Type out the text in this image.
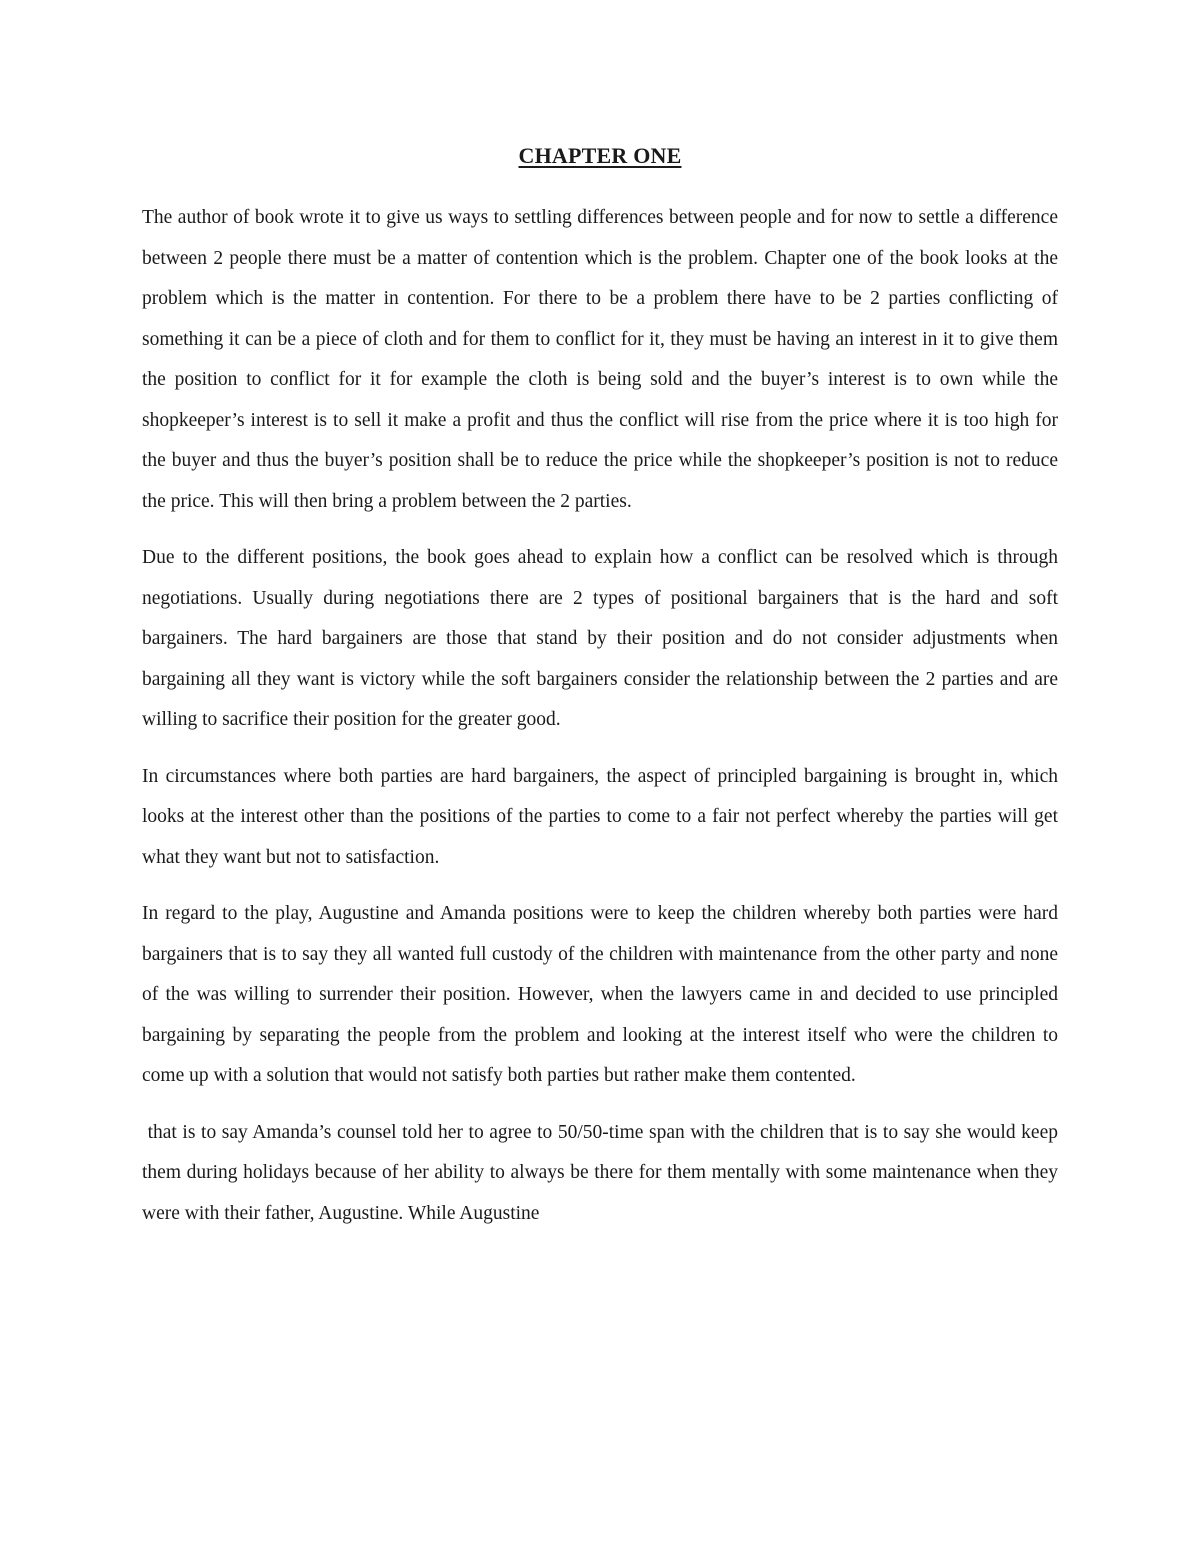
CHAPTER ONE

The author of book wrote it to give us ways to settling differences between people and for now to settle a difference between 2 people there must be a matter of contention which is the problem. Chapter one of the book looks at the problem which is the matter in contention. For there to be a problem there have to be 2 parties conflicting of something it can be a piece of cloth and for them to conflict for it, they must be having an interest in it to give them the position to conflict for it for example the cloth is being sold and the buyer’s interest is to own while the shopkeeper’s interest is to sell it make a profit and thus the conflict will rise from the price where it is too high for the buyer and thus the buyer’s position shall be to reduce the price while the shopkeeper’s position is not to reduce the price. This will then bring a problem between the 2 parties.

Due to the different positions, the book goes ahead to explain how a conflict can be resolved which is through negotiations. Usually during negotiations there are 2 types of positional bargainers that is the hard and soft bargainers. The hard bargainers are those that stand by their position and do not consider adjustments when bargaining all they want is victory while the soft bargainers consider the relationship between the 2 parties and are willing to sacrifice their position for the greater good.

In circumstances where both parties are hard bargainers, the aspect of principled bargaining is brought in, which looks at the interest other than the positions of the parties to come to a fair not perfect whereby the parties will get what they want but not to satisfaction.

In regard to the play, Augustine and Amanda positions were to keep the children whereby both parties were hard bargainers that is to say they all wanted full custody of the children with maintenance from the other party and none of the was willing to surrender their position. However, when the lawyers came in and decided to use principled bargaining by separating the people from the problem and looking at the interest itself who were the children to come up with a solution that would not satisfy both parties but rather make them contented.

that is to say Amanda’s counsel told her to agree to 50/50-time span with the children that is to say she would keep them during holidays because of her ability to always be there for them mentally with some maintenance when they were with their father, Augustine. While Augustine
